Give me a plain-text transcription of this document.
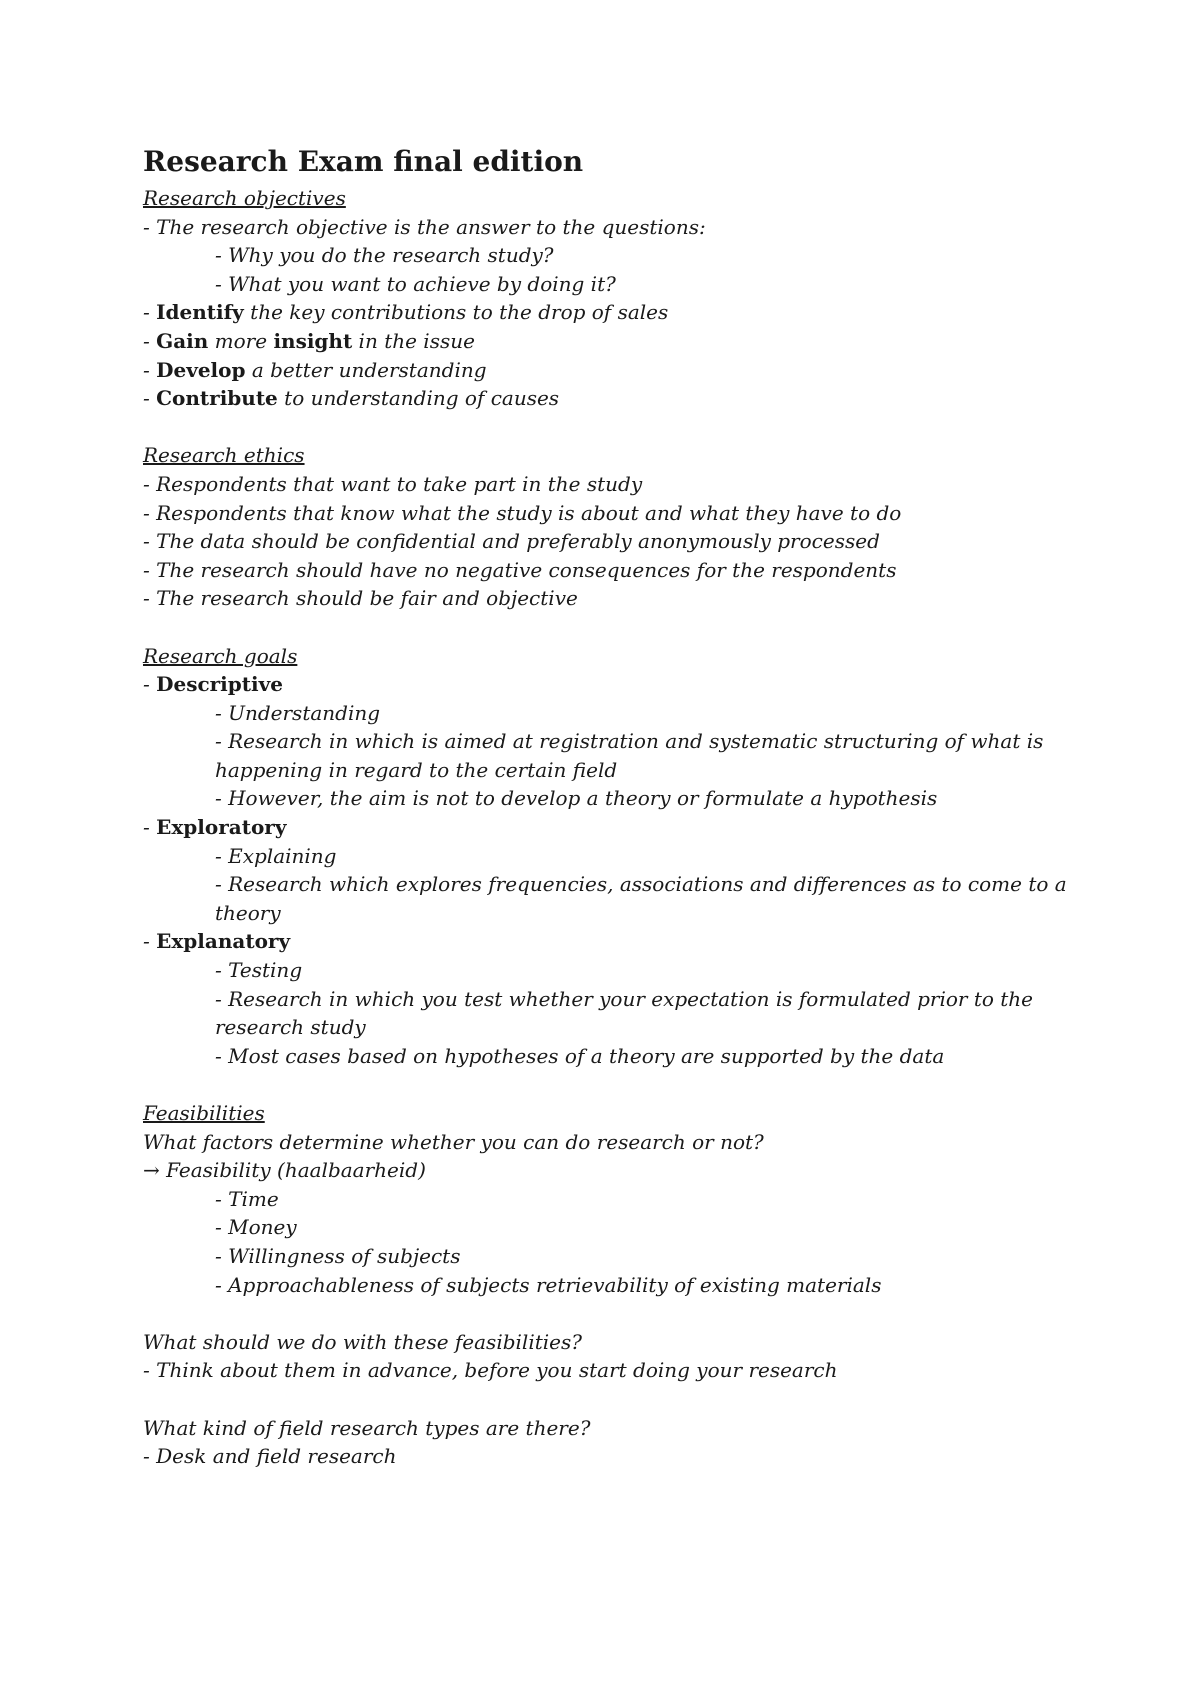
Research Exam final edition
Research objectives
- The research objective is the answer to the questions:
- Why you do the research study?
- What you want to achieve by doing it?
- Identify the key contributions to the drop of sales
- Gain more insight in the issue
- Develop a better understanding
- Contribute to understanding of causes
Research ethics
- Respondents that want to take part in the study
- Respondents that know what the study is about and what they have to do
- The data should be confidential and preferably anonymously processed
- The research should have no negative consequences for the respondents
- The research should be fair and objective
Research goals
- Descriptive
- Understanding
- Research in which is aimed at registration and systematic structuring of what is happening in regard to the certain field
- However, the aim is not to develop a theory or formulate a hypothesis
- Exploratory
- Explaining
- Research which explores frequencies, associations and differences as to come to a theory
- Explanatory
- Testing
- Research in which you test whether your expectation is formulated prior to the research study
- Most cases based on hypotheses of a theory are supported by the data
Feasibilities
What factors determine whether you can do research or not?
→ Feasibility (haalbaarheid)
- Time
- Money
- Willingness of subjects
- Approachableness of subjects retrievability of existing materials
What should we do with these feasibilities?
- Think about them in advance, before you start doing your research
What kind of field research types are there?
- Desk and field research
